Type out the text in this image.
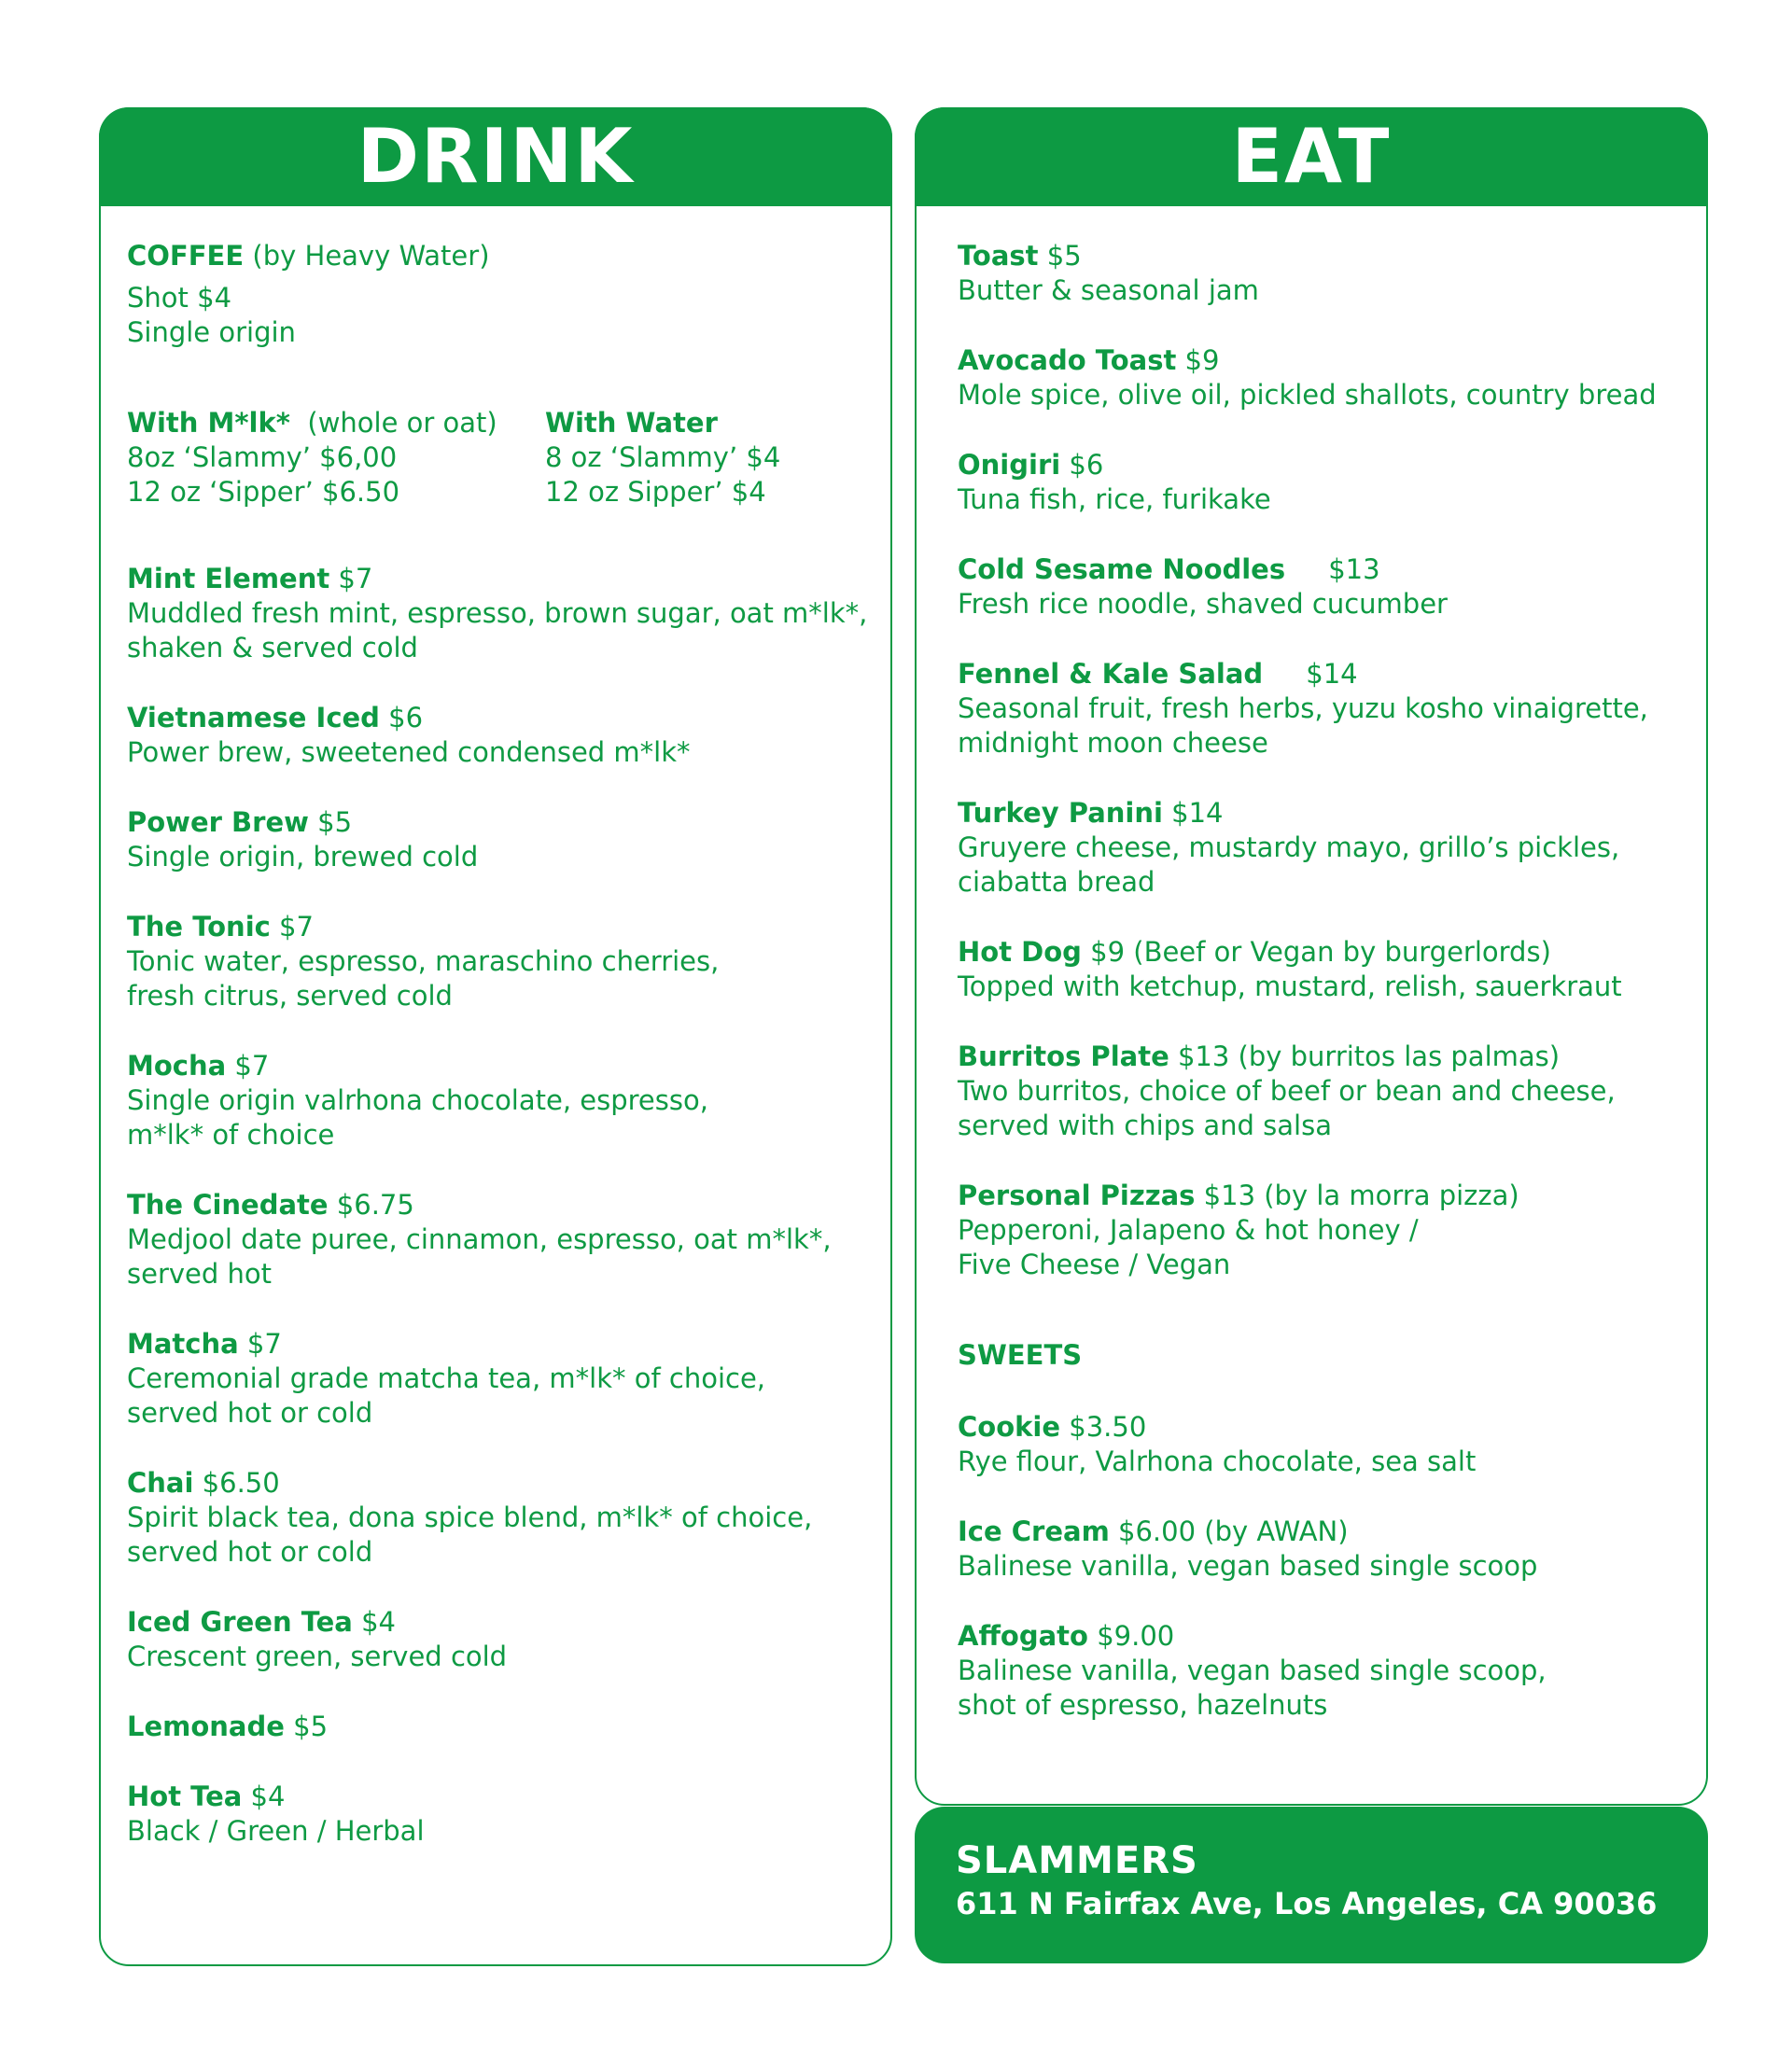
DRINK
COFFEE (by Heavy Water)
Shot $4
Single origin
With M*lk*  (whole or oat)
8oz ‘Slammy’ $6,00
12 oz ‘Sipper’ $6.50
With Water
8 oz ‘Slammy’ $4
12 oz Sipper’ $4
Mint Element $7
Muddled fresh mint, espresso, brown sugar, oat m*lk*,
shaken & served cold
Vietnamese Iced $6
Power brew, sweetened condensed m*lk*
Power Brew $5
Single origin, brewed cold
The Tonic $7
Tonic water, espresso, maraschino cherries,
fresh citrus, served cold
Mocha $7
Single origin valrhona chocolate, espresso,
m*lk* of choice
The Cinedate $6.75
Medjool date puree, cinnamon, espresso, oat m*lk*,
served hot
Matcha $7
Ceremonial grade matcha tea, m*lk* of choice,
served hot or cold
Chai $6.50
Spirit black tea, dona spice blend, m*lk* of choice,
served hot or cold
Iced Green Tea $4
Crescent green, served cold
Lemonade $5
Hot Tea $4
Black / Green / Herbal
EAT
Toast $5
Butter & seasonal jam
Avocado Toast $9
Mole spice, olive oil, pickled shallots, country bread
Onigiri $6
Tuna fish, rice, furikake
Cold Sesame Noodles     $13
Fresh rice noodle, shaved cucumber
Fennel & Kale Salad     $14
Seasonal fruit, fresh herbs, yuzu kosho vinaigrette,
midnight moon cheese
Turkey Panini $14
Gruyere cheese, mustardy mayo, grillo’s pickles,
ciabatta bread
Hot Dog $9 (Beef or Vegan by burgerlords)
Topped with ketchup, mustard, relish, sauerkraut
Burritos Plate $13 (by burritos las palmas)
Two burritos, choice of beef or bean and cheese,
served with chips and salsa
Personal Pizzas $13 (by la morra pizza)
Pepperoni, Jalapeno & hot honey /
Five Cheese / Vegan
SWEETS
Cookie $3.50
Rye flour, Valrhona chocolate, sea salt
Ice Cream $6.00 (by AWAN)
Balinese vanilla, vegan based single scoop
Affogato $9.00
Balinese vanilla, vegan based single scoop,
shot of espresso, hazelnuts
SLAMMERS
611 N Fairfax Ave, Los Angeles, CA 90036
